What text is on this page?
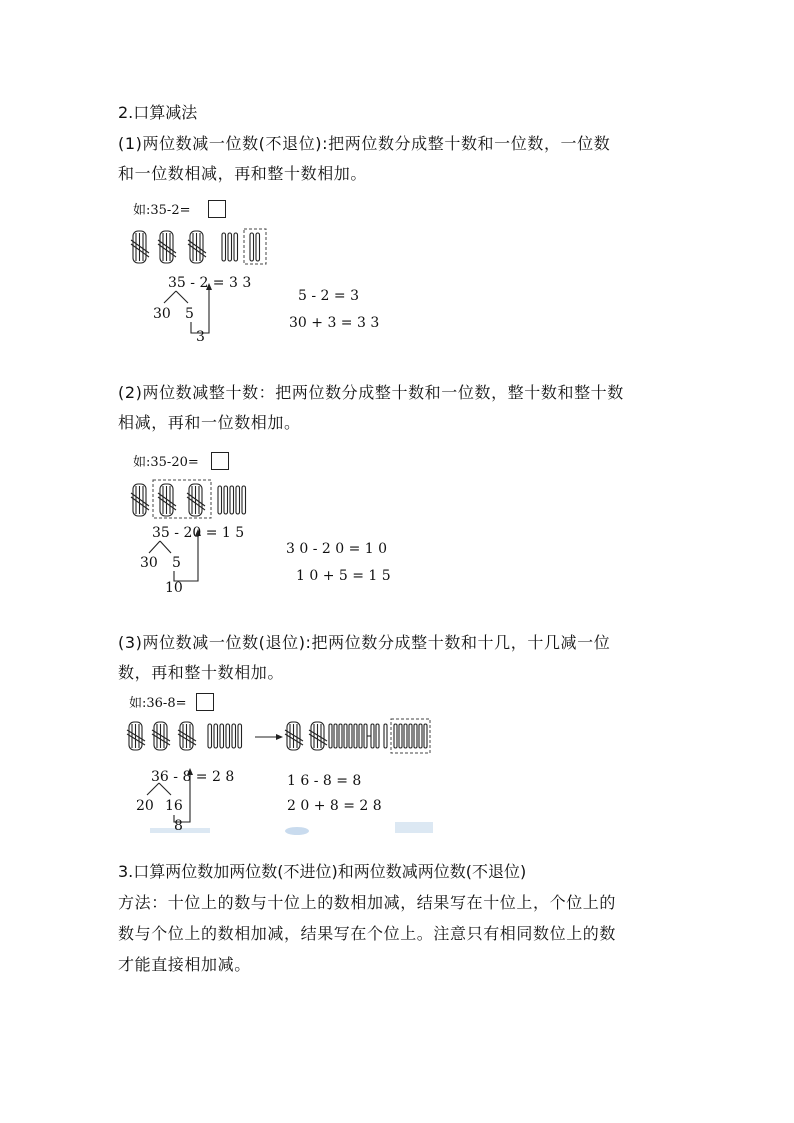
2.口算减法
(1)两位数减一位数(不退位):把两位数分成整十数和一位数，一位数
和一位数相减，再和整十数相加。
如:35-2=
35 - 2 = 3 3
30 5
3
5 - 2 = 3
30 + 3 = 3 3
(2)两位数减整十数：把两位数分成整十数和一位数，整十数和整十数
相减，再和一位数相加。
如:35-20=
35 - 20 = 1 5
30 5
10
3 0 - 2 0 = 1 0
1 0 + 5 = 1 5
(3)两位数减一位数(退位):把两位数分成整十数和十几，十几减一位
数，再和整十数相加。
如:36-8=
36 - 8 = 2 8
20 16
8
1 6 - 8 = 8
2 0 + 8 = 2 8
3.口算两位数加两位数(不进位)和两位数减两位数(不退位)
方法：十位上的数与十位上的数相加减，结果写在十位上，个位上的
数与个位上的数相加减，结果写在个位上。注意只有相同数位上的数
才能直接相加减。
